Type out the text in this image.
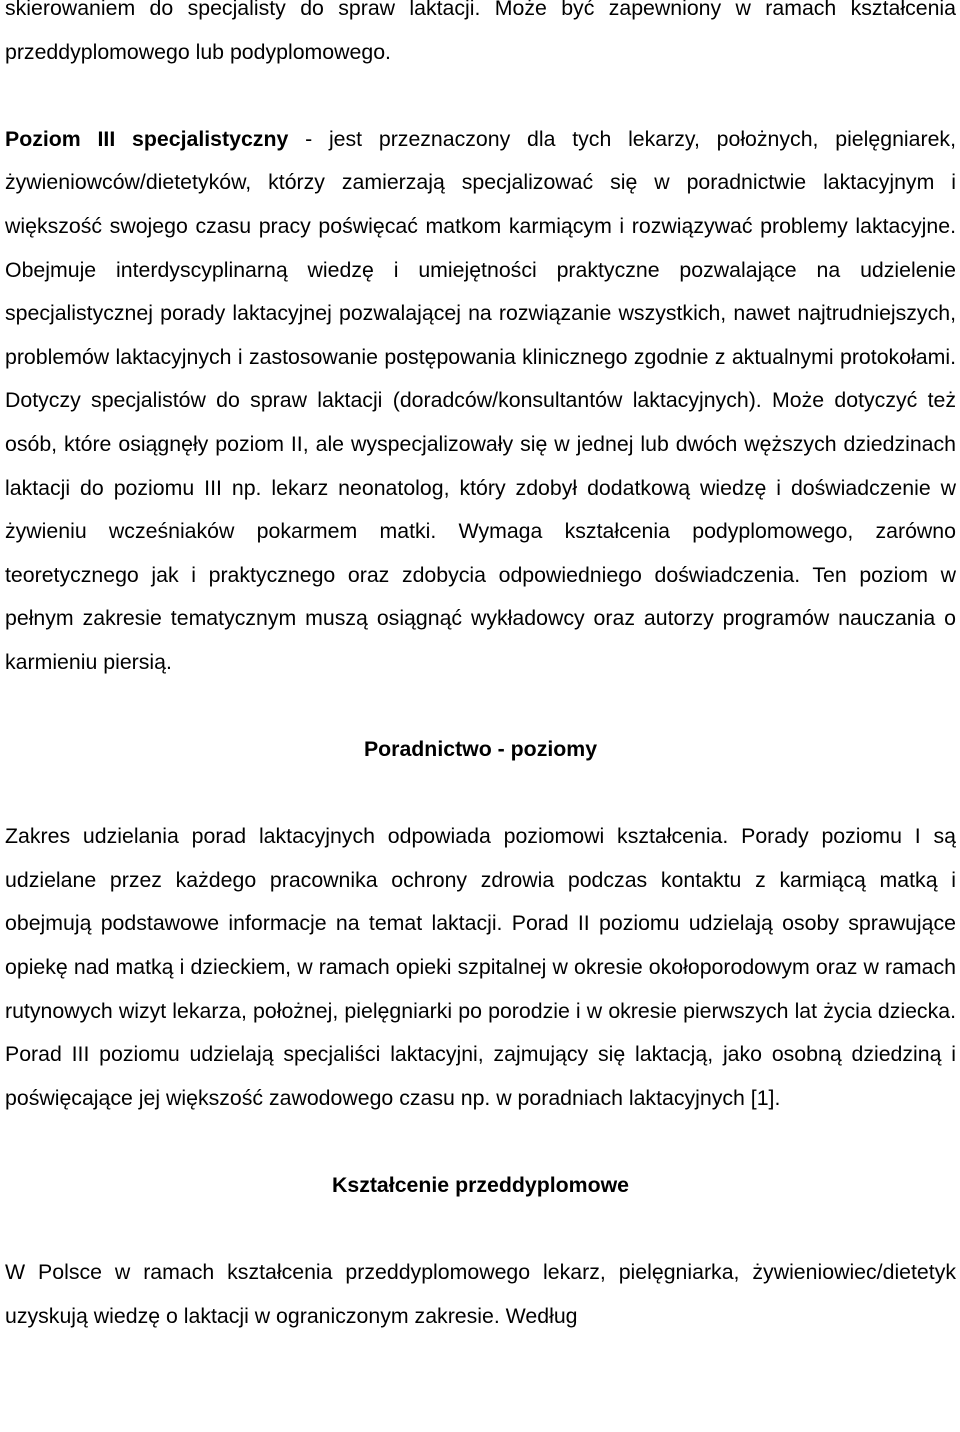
skierowaniem do specjalisty do spraw laktacji. Może być zapewniony w ramach kształcenia przeddyplomowego lub podyplomowego.

Poziom III specjalistyczny - jest przeznaczony dla tych lekarzy, położnych, pielęgniarek, żywieniowców/dietetyków, którzy zamierzają specjalizować się w poradnictwie laktacyjnym i większość swojego czasu pracy poświęcać matkom karmiącym i rozwiązywać problemy laktacyjne. Obejmuje interdyscyplinarną wiedzę i umiejętności praktyczne pozwalające na udzielenie specjalistycznej porady laktacyjnej pozwalającej na rozwiązanie wszystkich, nawet najtrudniejszych, problemów laktacyjnych i zastosowanie postępowania klinicznego zgodnie z aktualnymi protokołami. Dotyczy specjalistów do spraw laktacji (doradców/konsultantów laktacyjnych). Może dotyczyć też osób, które osiągnęły poziom II, ale wyspecjalizowały się w jednej lub dwóch węższych dziedzinach laktacji do poziomu III np. lekarz neonatolog, który zdobył dodatkową wiedzę i doświadczenie w żywieniu wcześniaków pokarmem matki. Wymaga kształcenia podyplomowego, zarówno teoretycznego jak i praktycznego oraz zdobycia odpowiedniego doświadczenia. Ten poziom w pełnym zakresie tematycznym muszą osiągnąć wykładowcy oraz autorzy programów nauczania o karmieniu piersią.

Poradnictwo - poziomy

Zakres udzielania porad laktacyjnych odpowiada poziomowi kształcenia. Porady poziomu I są udzielane przez każdego pracownika ochrony zdrowia podczas kontaktu z karmiącą matką i obejmują podstawowe informacje na temat laktacji. Porad II poziomu udzielają osoby sprawujące opiekę nad matką i dzieckiem, w ramach opieki szpitalnej w okresie okołoporodowym oraz w ramach rutynowych wizyt lekarza, położnej, pielęgniarki po porodzie i w okresie pierwszych lat życia dziecka. Porad III poziomu udzielają specjaliści laktacyjni, zajmujący się laktacją, jako osobną dziedziną i poświęcające jej większość zawodowego czasu np. w poradniach laktacyjnych [1].

Kształcenie przeddyplomowe

W Polsce w ramach kształcenia przeddyplomowego lekarz, pielęgniarka, żywieniowiec/dietetyk uzyskują wiedzę o laktacji w ograniczonym zakresie. Według
